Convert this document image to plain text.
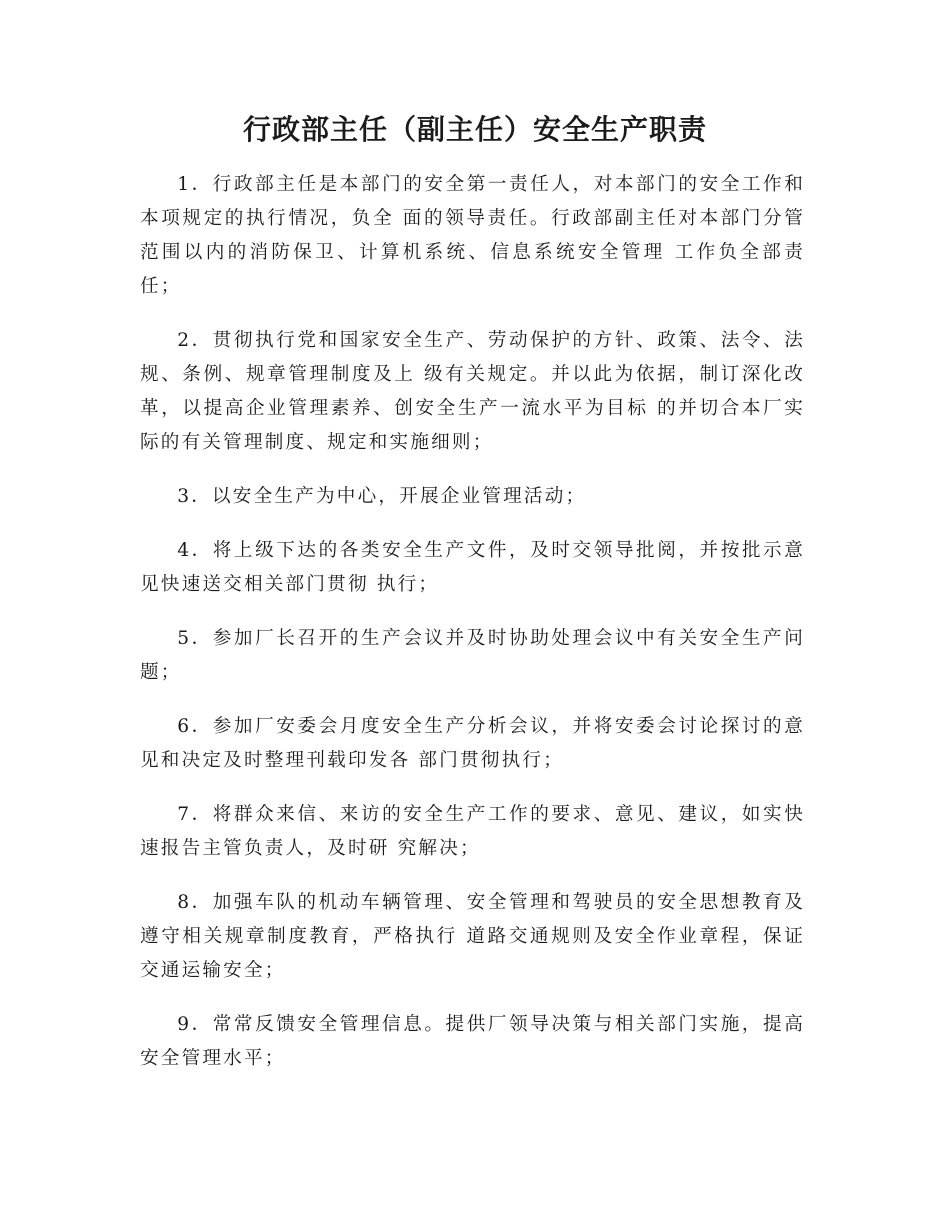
行政部主任（副主任）安全生产职责

1．行政部主任是本部门的安全第一责任人，对本部门的安全工作和本项规定的执行情况，负全 面的领导责任。行政部副主任对本部门分管范围以内的消防保卫、计算机系统、信息系统安全管理 工作负全部责任；

2．贯彻执行党和国家安全生产、劳动保护的方针、政策、法令、法规、条例、规章管理制度及上 级有关规定。并以此为依据，制订深化改革，以提高企业管理素养、创安全生产一流水平为目标 的并切合本厂实际的有关管理制度、规定和实施细则；

3．以安全生产为中心，开展企业管理活动；

4．将上级下达的各类安全生产文件，及时交领导批阅，并按批示意见快速送交相关部门贯彻 执行；

5．参加厂长召开的生产会议并及时协助处理会议中有关安全生产问题；

6．参加厂安委会月度安全生产分析会议，并将安委会讨论探讨的意见和决定及时整理刊载印发各 部门贯彻执行；

7．将群众来信、来访的安全生产工作的要求、意见、建议，如实快速报告主管负责人，及时研 究解决；

8．加强车队的机动车辆管理、安全管理和驾驶员的安全思想教育及遵守相关规章制度教育，严格执行 道路交通规则及安全作业章程，保证交通运输安全；

9．常常反馈安全管理信息。提供厂领导决策与相关部门实施，提高安全管理水平；
